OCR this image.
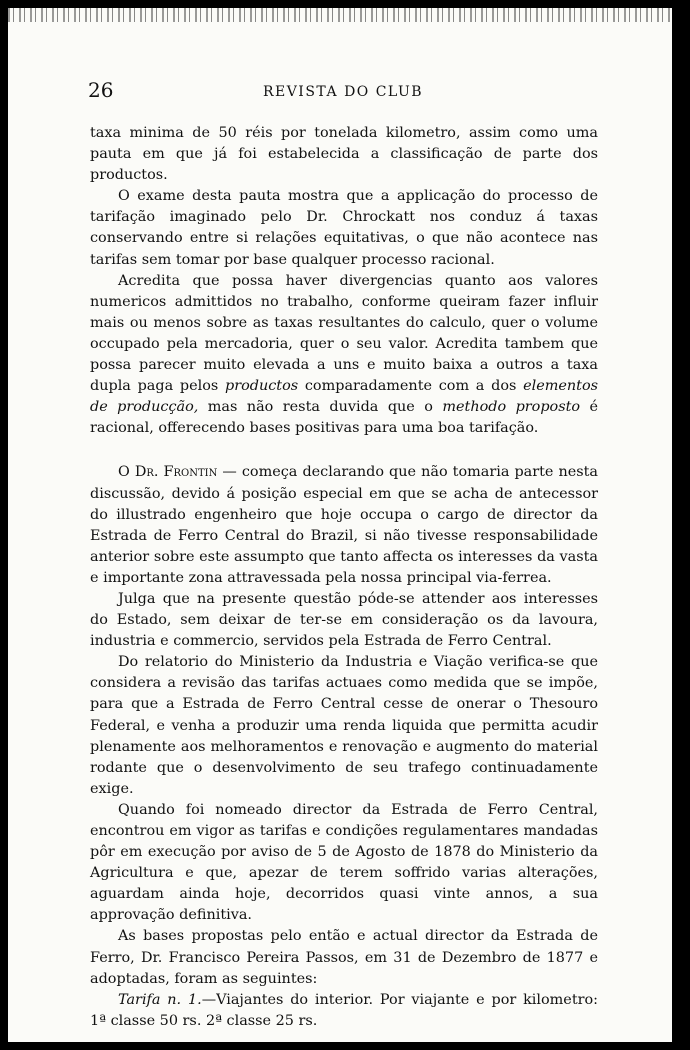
26	REVISTA DO CLUB

taxa minima de 50 réis por tonelada kilometro, assim como uma pauta em que já foi estabelecida a classificação de parte dos productos.

O exame desta pauta mostra que a applicação do processo de tarifação imaginado pelo Dr. Chrockatt nos conduz á taxas conservando entre si relações equitativas, o que não acontece nas tarifas sem tomar por base qualquer processo racional.

Acredita que possa haver divergencias quanto aos valores numericos admittidos no trabalho, conforme queiram fazer influir mais ou menos sobre as taxas resultantes do calculo, quer o volume occupado pela mercadoria, quer o seu valor. Acredita tambem que possa parecer muito elevada a uns e muito baixa a outros a taxa dupla paga pelos productos comparadamente com a dos elementos de producção, mas não resta duvida que o methodo proposto é racional, offerecendo bases positivas para uma boa tarifação.

O Dr. Frontin — começa declarando que não tomaria parte nesta discussão, devido á posição especial em que se acha de antecessor do illustrado engenheiro que hoje occupa o cargo de director da Estrada de Ferro Central do Brazil, si não tivesse responsabilidade anterior sobre este assumpto que tanto affecta os interesses da vasta e importante zona attravessada pela nossa principal via-ferrea.

Julga que na presente questão póde-se attender aos interesses do Estado, sem deixar de ter-se em consideração os da lavoura, industria e commercio, servidos pela Estrada de Ferro Central.

Do relatorio do Ministerio da Industria e Viação verifica-se que considera a revisão das tarifas actuaes como medida que se impõe, para que a Estrada de Ferro Central cesse de onerar o Thesouro Federal, e venha a produzir uma renda liquida que permitta acudir plenamente aos melhoramentos e renovação e augmento do material rodante que o desenvolvimento de seu trafego continuadamente exige.

Quando foi nomeado director da Estrada de Ferro Central, encontrou em vigor as tarifas e condições regulamentares mandadas pôr em execução por aviso de 5 de Agosto de 1878 do Ministerio da Agricultura e que, apezar de terem soffrido varias alterações, aguardam ainda hoje, decorridos quasi vinte annos, a sua approvação definitiva.

As bases propostas pelo então e actual director da Estrada de Ferro, Dr. Francisco Pereira Passos, em 31 de Dezembro de 1877 e adoptadas, foram as seguintes:

Tarifa n. 1.—Viajantes do interior. Por viajante e por kilometro: 1ª classe 50 rs. 2ª classe 25 rs.
